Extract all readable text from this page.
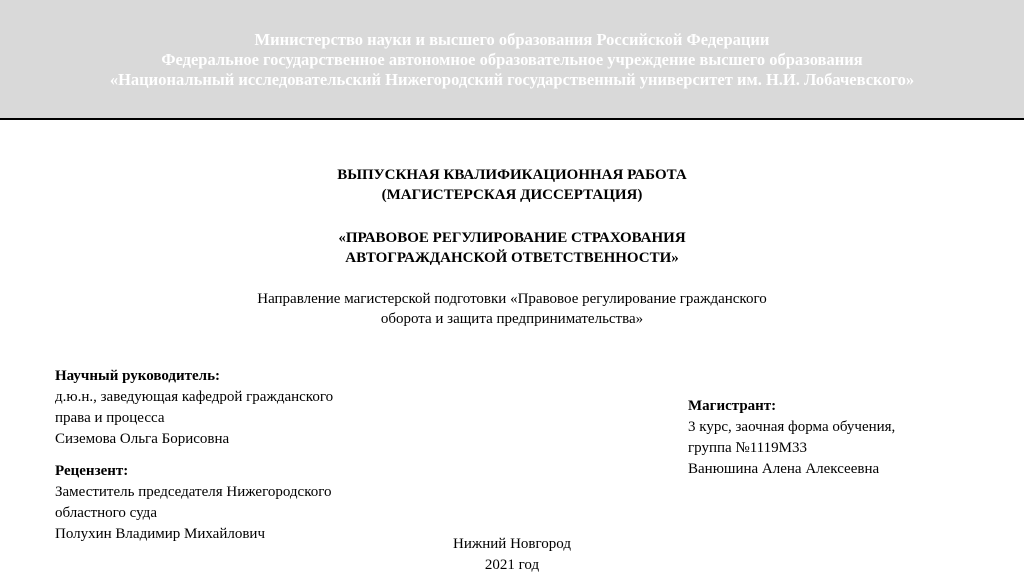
Министерство науки и высшего образования Российской Федерации
Федеральное государственное автономное образовательное учреждение высшего образования
«Национальный исследовательский Нижегородский государственный университет им. Н.И. Лобачевского»
ВЫПУСКНАЯ КВАЛИФИКАЦИОННАЯ РАБОТА
(МАГИСТЕРСКАЯ ДИССЕРТАЦИЯ)
«ПРАВОВОЕ РЕГУЛИРОВАНИЕ СТРАХОВАНИЯ
АВТОГРАЖДАНСКОЙ ОТВЕТСТВЕННОСТИ»
Направление магистерской подготовки «Правовое регулирование гражданского
оборота и защита предпринимательства»
Научный руководитель:
д.ю.н., заведующая кафедрой гражданского
права и процесса
Сиземова Ольга Борисовна
Рецензент:
Заместитель председателя Нижегородского
областного суда
Полухин Владимир Михайлович
Магистрант:
3 курс, заочная форма обучения,
группа №1119М33
Ванюшина Алена Алексеевна
Нижний Новгород
2021 год
